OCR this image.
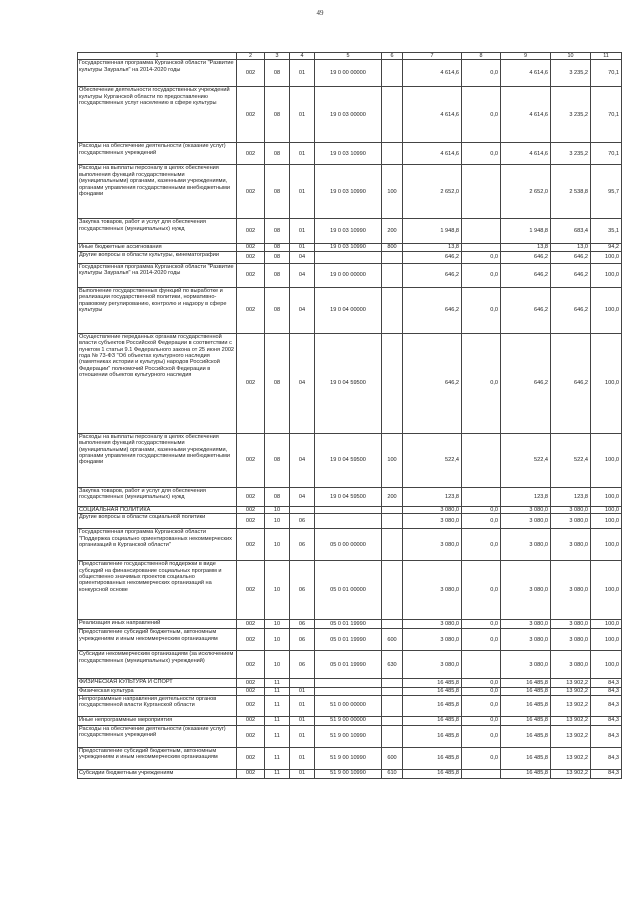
49
1	2	3	4	5	6	7	8	9	10	11
Государственная программа Курганской области "Развитие культуры Зауралья" на 2014-2020 годы	002	08	01	19 0 00 00000		4 614,6	0,0	4 614,6	3 235,2	70,1
Обеспечение деятельности государственных учреждений культуры Курганской области по предоставлению государственных услуг населению в сфере культуры	002	08	01	19 0 03 00000		4 614,6	0,0	4 614,6	3 235,2	70,1
Расходы на обеспечение деятельности (оказание услуг) государственных учреждений	002	08	01	19 0 03 10990		4 614,6	0,0	4 614,6	3 235,2	70,1
Расходы на выплаты персоналу в целях обеспечения выполнения функций государственными (муниципальными) органами, казенными учреждениями, органами управления государственными внебюджетными фондами	002	08	01	19 0 03 10990	100	2 652,0		2 652,0	2 538,8	95,7
Закупка товаров, работ и услуг для обеспечения государственных (муниципальных) нужд	002	08	01	19 0 03 10990	200	1 948,8		1 948,8	683,4	35,1
Иные бюджетные ассигнования	002	08	01	19 0 03 10990	800	13,8		13,8	13,0	94,2
Другие вопросы в области культуры, кинематографии	002	08	04			646,2	0,0	646,2	646,2	100,0
Государственная программа Курганской области "Развитие культуры Зауралья" на 2014-2020 годы	002	08	04	19 0 00 00000		646,2	0,0	646,2	646,2	100,0
Выполнение государственных функций по выработке и реализации государственной политики, нормативно-правовому регулированию, контролю и надзору в сфере культуры	002	08	04	19 0 04 00000		646,2	0,0	646,2	646,2	100,0
Осуществление переданных органам государственной власти субъектов Российской Федерации в соответствии с пунктом 1 статьи 9.1 Федерального закона от 25 июня 2002 года № 73-ФЗ "Об объектах культурного наследия (памятниках истории и культуры) народов Российской Федерации" полномочий Российской Федерации в отношении объектов культурного наследия	002	08	04	19 0 04 59500		646,2	0,0	646,2	646,2	100,0
Расходы на выплаты персоналу в целях обеспечения выполнения функций государственными (муниципальными) органами, казенными учреждениями, органами управления государственными внебюджетными фондами	002	08	04	19 0 04 59500	100	522,4		522,4	522,4	100,0
Закупка товаров, работ и услуг для обеспечения государственных (муниципальных) нужд	002	08	04	19 0 04 59500	200	123,8		123,8	123,8	100,0
СОЦИАЛЬНАЯ ПОЛИТИКА	002	10				3 080,0	0,0	3 080,0	3 080,0	100,0
Другие вопросы в области социальной политики	002	10	06			3 080,0	0,0	3 080,0	3 080,0	100,0
Государственная программа Курганской области "Поддержка социально ориентированных некоммерческих организаций в Курганской области"	002	10	06	05 0 00 00000		3 080,0	0,0	3 080,0	3 080,0	100,0
Предоставление государственной поддержки в виде субсидий на финансирование социальных программ и общественно значимых проектов социально ориентированных некоммерческих организаций на конкурсной основе	002	10	06	05 0 01 00000		3 080,0	0,0	3 080,0	3 080,0	100,0
Реализация иных направлений	002	10	06	05 0 01 19990		3 080,0	0,0	3 080,0	3 080,0	100,0
Предоставление субсидий бюджетным, автономным учреждениям и иным некоммерческим организациям	002	10	06	05 0 01 19990	600	3 080,0	0,0	3 080,0	3 080,0	100,0
Субсидии некоммерческим организациям (за исключением государственных (муниципальных) учреждений)	002	10	06	05 0 01 19990	630	3 080,0		3 080,0	3 080,0	100,0
ФИЗИЧЕСКАЯ КУЛЬТУРА И СПОРТ	002	11				16 485,8	0,0	16 485,8	13 902,2	84,3
Физическая культура	002	11	01			16 485,8	0,0	16 485,8	13 902,2	84,3
Непрограммные направления деятельности органов государственной власти Курганской области	002	11	01	51 0 00 00000		16 485,8	0,0	16 485,8	13 902,2	84,3
Иные непрограммные мероприятия	002	11	01	51 9 00 00000		16 485,8	0,0	16 485,8	13 902,2	84,3
Расходы на обеспечение деятельности (оказание услуг) государственных учреждений	002	11	01	51 9 00 10990		16 485,8	0,0	16 485,8	13 902,2	84,3
Предоставление субсидий бюджетным, автономным учреждениям и иным некоммерческим организациям	002	11	01	51 9 00 10990	600	16 485,8	0,0	16 485,8	13 902,2	84,3
Субсидии бюджетным учреждениям	002	11	01	51 9 00 10990	610	16 485,8		16 485,8	13 902,2	84,3
